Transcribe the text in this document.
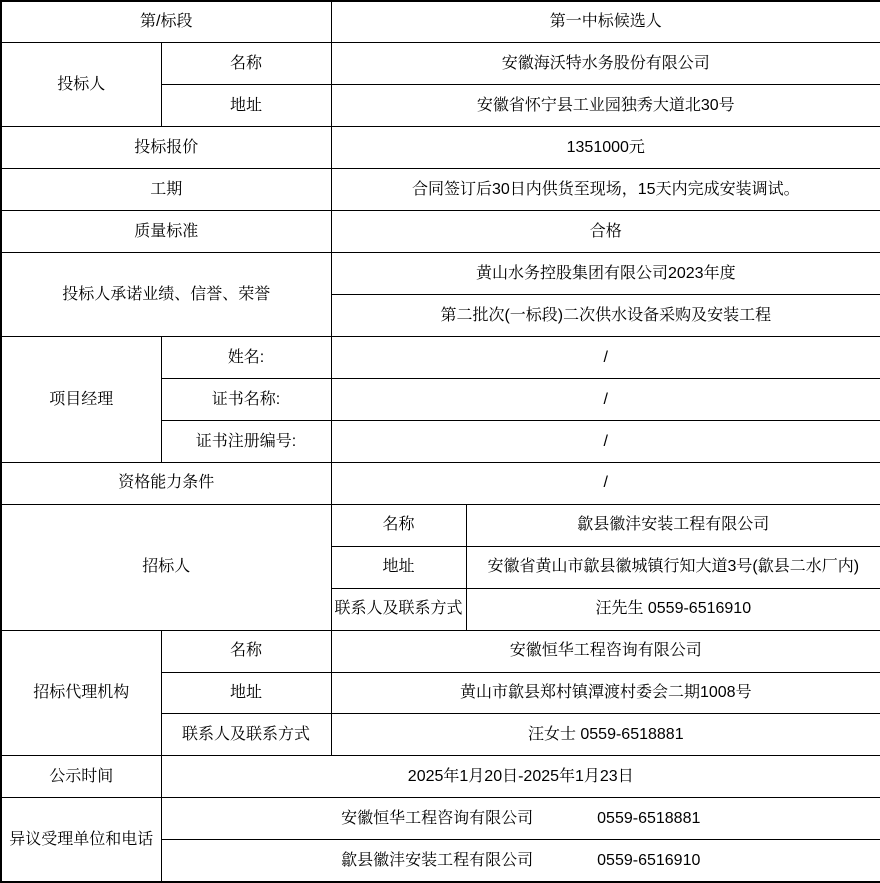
第/标段		第一中标候选人	
投标人	名称	安徽海沃特水务股份有限公司	
	地址	安徽省怀宁县工业园独秀大道北30号	
投标报价		1351000元	
工期		合同签订后30日内供货至现场，15天内完成安装调试。	
质量标准		合格	
投标人承诺业绩、信誉、荣誉		黄山水务控股集团有限公司2023年度	
		第二批次(一标段)二次供水设备采购及安装工程	
项目经理	姓名:	/	
	证书名称:	/	
	证书注册编号:	/	
资格能力条件		/	
招标人		名称	歙县徽沣安装工程有限公司
		地址	安徽省黄山市歙县徽城镇行知大道3号(歙县二水厂内)
		联系人及联系方式	汪先生 0559-6516910
招标代理机构	名称	安徽恒华工程咨询有限公司	
	地址	黄山市歙县郑村镇潭渡村委会二期1008号	
	联系人及联系方式	汪女士 0559-6518881	
公示时间	2025年1月20日-2025年1月23日		
异议受理单位和电话	安徽恒华工程咨询有限公司 0559-6518881		
	歙县徽沣安装工程有限公司 0559-6516910		
